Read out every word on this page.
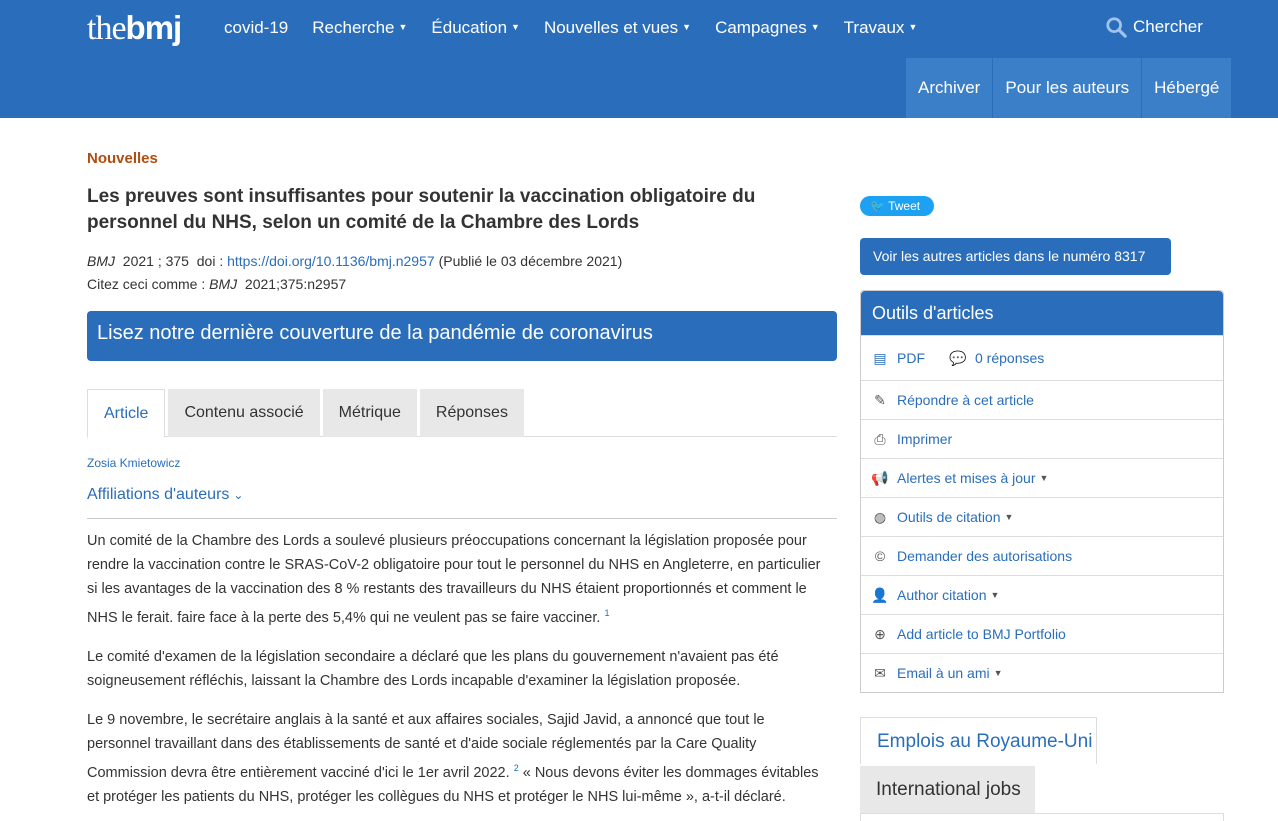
thebmj	covid-19 Recherche ▼ Éducation ▼ Nouvelles et vues ▼ Campagnes ▼ Travaux ▼	Chercher
Archiver	Pour les auteurs	Hébergé
Nouvelles
Les preuves sont insuffisantes pour soutenir la vaccination obligatoire du personnel du NHS, selon un comité de la Chambre des Lords
BMJ 2021 ; 375 doi : https://doi.org/10.1136/bmj.n2957 (Publié le 03 décembre 2021)
Citez ceci comme : BMJ 2021;375:n2957
Lisez notre dernière couverture de la pandémie de coronavirus
Article	Contenu associé	Métrique	Réponses
Zosia Kmietowicz
Affiliations d'auteurs ⌄

Un comité de la Chambre des Lords a soulevé plusieurs préoccupations concernant la législation proposée pour rendre la vaccination contre le SRAS-CoV-2 obligatoire pour tout le personnel du NHS en Angleterre, en particulier si les avantages de la vaccination des 8 % restants des travailleurs du NHS étaient proportionnés et comment le NHS le ferait. faire face à la perte des 5,4% qui ne veulent pas se faire vacciner. $^1$

Le comité d'examen de la législation secondaire a déclaré que les plans du gouvernement n'avaient pas été soigneusement réfléchis, laissant la Chambre des Lords incapable d'examiner la législation proposée.

Le 9 novembre, le secrétaire anglais à la santé et aux affaires sociales, Sajid Javid, a annoncé que tout le personnel travaillant dans des établissements de santé et d'aide sociale réglementés par la Care Quality Commission devra être entièrement vacciné d'ici le 1er avril 2022. $^2$ « Nous devons éviter les dommages évitables et protéger les patients du NHS, protéger les collègues du NHS et protéger le NHS lui-même », a-t-il déclaré.

🐦 Tweet
Voir les autres articles dans le numéro 8317
Outils d'articles
▤ PDF 💬 0 réponses
✎ Répondre à cet article
⎙ Imprimer
📢 Alertes et mises à jour ▼
◍ Outils de citation ▼
© Demander des autorisations
👤 Author citation ▼
⊕ Add article to BMJ Portfolio
✉ Email à un ami ▼
Emplois au Royaume-Uni
International jobs
